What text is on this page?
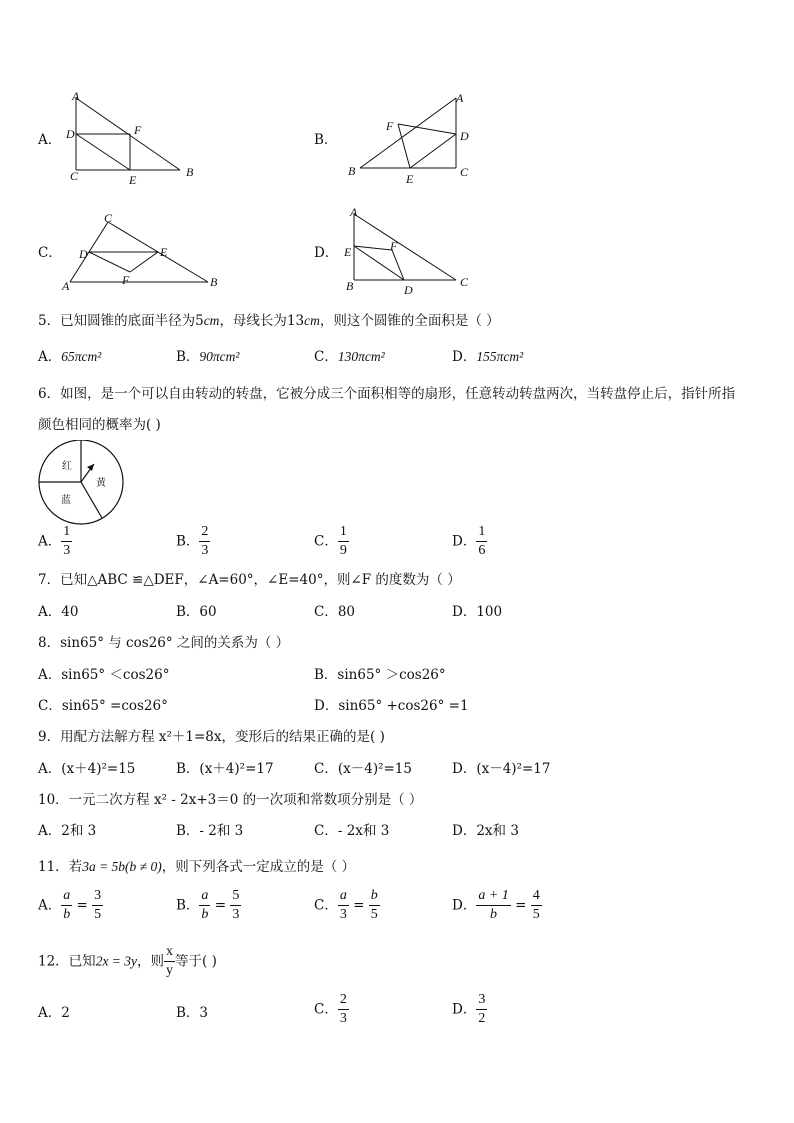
A．
A
D	F
C	E
B
B．
F
A
D
B
E	C
C．
C
D	E
F
A	B
D．
A
E	F
B	D
C
5．已知圆锥的底面半径为5cm，母线长为13cm，则这个圆锥的全面积是（ ）
A．65πcm²	B．90πcm²	C．130πcm²	D．155πcm²
6．如图，是一个可以自由转动的转盘，它被分成三个面积相等的扇形，任意转动转盘两次，当转盘停止后，指针所指
颜色相同的概率为( )
红
黄
蓝
A． $\frac{1}{3}$	B． $\frac{2}{3}$	C． $\frac{1}{9}$	D． $\frac{1}{6}$
7．已知△ABC ≌△DEF，∠A=60°，∠E=40°，则∠F 的度数为（ ）
A．40	B．60	C．80	D．100
8．sin65° 与 cos26° 之间的关系为（ ）
A．sin65° ＜cos26°	B．sin65° ＞cos26°
C．sin65° =cos26°	D．sin65° +cos26° =1
9．用配方法解方程 x²＋1=8x，变形后的结果正确的是( )
A．(x＋4)²=15	B．(x＋4)²=17	C．(x－4)²=15	D．(x－4)²=17
10．一元二次方程 x² - 2x+3＝0 的一次项和常数项分别是（ ）
A．2和 3	B．- 2和 3	C．- 2x和 3	D．2x和 3
11．若3a = 5b(b ≠ 0)，则下列各式一定成立的是（ ）
A． $\frac{a}{b} = \frac{3}{5}$	B． $\frac{a}{b} = \frac{5}{3}$	C． $\frac{a}{3} = \frac{b}{5}$	D． $\frac{a + 1}{b} = \frac{4}{5}$
12．已知2x = 3y，则 $\frac{x}{y}$ 等于( )
A．2	B．3	C． $\frac{2}{3}$	D． $\frac{3}{2}$
